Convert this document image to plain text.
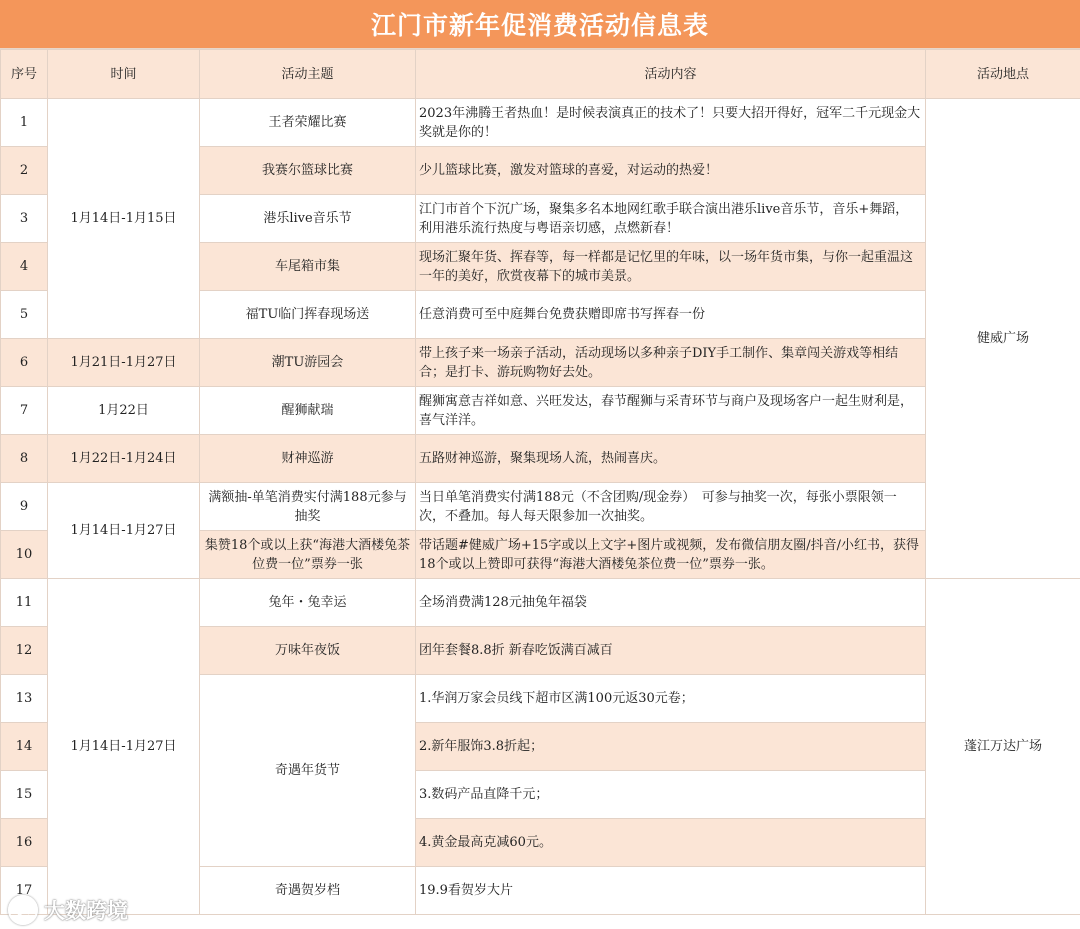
江门市新年促消费活动信息表
序号	时间	活动主题	活动内容	活动地点
1	1月14日-1月15日	王者荣耀比赛	2023年沸腾王者热血！是时候表演真正的技术了！只要大招开得好，冠军二千元现金大奖就是你的！	健威广场
2		我赛尔篮球比赛	少儿篮球比赛，激发对篮球的喜爱，对运动的热爱！	
3		港乐live音乐节	江门市首个下沉广场，聚集多名本地网红歌手联合演出港乐live音乐节，音乐+舞蹈，利用港乐流行热度与粤语亲切感，点燃新春！	
4		车尾箱市集	现场汇聚年货、挥春等，每一样都是记忆里的年味，以一场年货市集，与你一起重温这一年的美好，欣赏夜幕下的城市美景。	
5		福TU临门挥春现场送	任意消费可至中庭舞台免费获赠即席书写挥春一份	
6	1月21日-1月27日	潮TU游园会	带上孩子来一场亲子活动，活动现场以多种亲子DIY手工制作、集章闯关游戏等相结合；是打卡、游玩购物好去处。	
7	1月22日	醒狮献瑞	醒狮寓意吉祥如意、兴旺发达，春节醒狮与采青环节与商户及现场客户一起生财利是，喜气洋洋。	
8	1月22日-1月24日	财神巡游	五路财神巡游，聚集现场人流，热闹喜庆。	
9	1月14日-1月27日	满额抽-单笔消费实付满188元参与抽奖	当日单笔消费实付满188元（不含团购/现金券）　可参与抽奖一次，每张小票限领一次，不叠加。每人每天限参加一次抽奖。	
10		集赞18个或以上获“海港大酒楼兔茶位费一位”票券一张	带话题#健威广场+15字或以上文字+图片或视频，发布微信朋友圈/抖音/小红书，获得18个或以上赞即可获得“海港大酒楼兔茶位费一位”票券一张。	
11	1月14日-1月27日	兔年・兔幸运	全场消费满128元抽兔年福袋	蓬江万达广场
12		万味年夜饭	团年套餐8.8折 新春吃饭满百减百	
13		奇遇年货节	1.华润万家会员线下超市区满100元返30元卷；	
14			2.新年服饰3.8折起；	
15			3.数码产品直降千元；	
16			4.黄金最高克减60元。	
17		奇遇贺岁档	19.9看贺岁大片	
大数跨境
